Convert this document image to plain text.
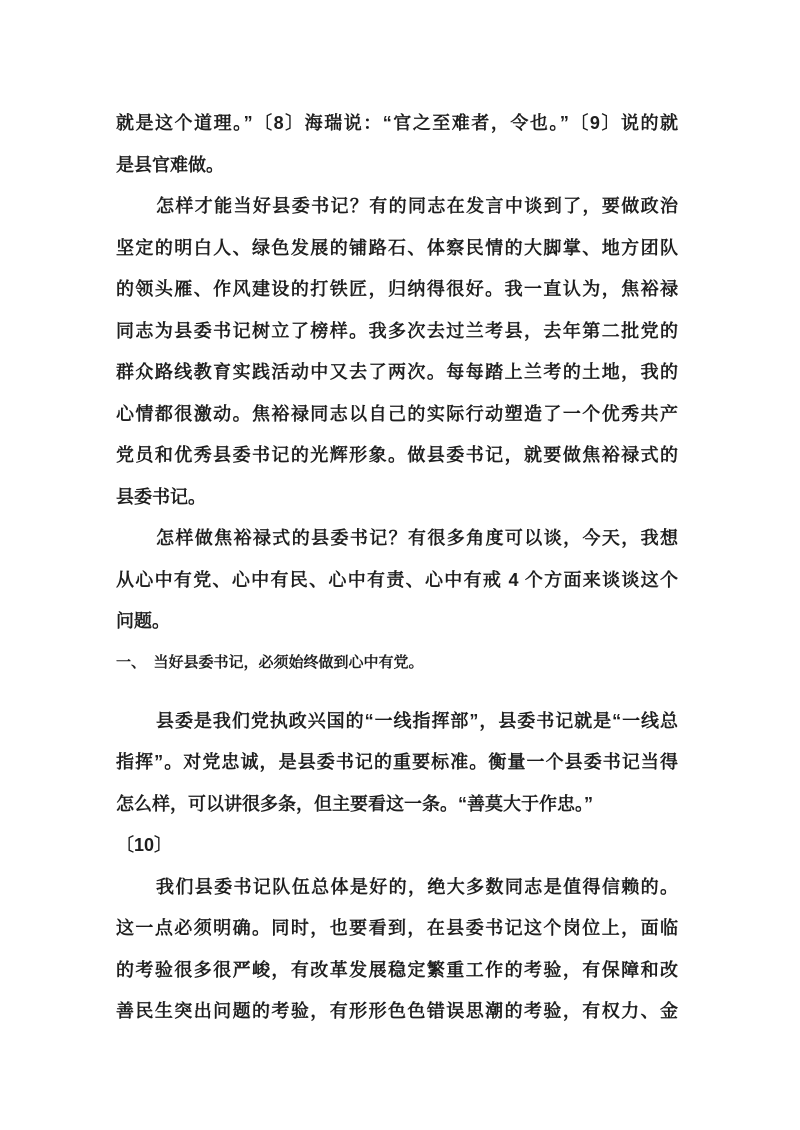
就是这个道理。”〔8〕海瑞说：“官之至难者，令也。”〔9〕说的就
是县官难做。
怎样才能当好县委书记？有的同志在发言中谈到了，要做政治
坚定的明白人、绿色发展的铺路石、体察民情的大脚掌、地方团队
的领头雁、作风建设的打铁匠，归纳得很好。我一直认为，焦裕禄
同志为县委书记树立了榜样。我多次去过兰考县，去年第二批党的
群众路线教育实践活动中又去了两次。每每踏上兰考的土地，我的
心情都很激动。焦裕禄同志以自己的实际行动塑造了一个优秀共产
党员和优秀县委书记的光辉形象。做县委书记，就要做焦裕禄式的
县委书记。
怎样做焦裕禄式的县委书记？有很多角度可以谈，今天，我想
从心中有党、心中有民、心中有责、心中有戒 4 个方面来谈谈这个
问题。
一、　当好县委书记，必须始终做到心中有党。
县委是我们党执政兴国的“一线指挥部”，县委书记就是“一线总
指挥”。对党忠诚，是县委书记的重要标准。衡量一个县委书记当得
怎么样，可以讲很多条，但主要看这一条。“善莫大于作忠。”
〔10〕
我们县委书记队伍总体是好的，绝大多数同志是值得信赖的。
这一点必须明确。同时，也要看到，在县委书记这个岗位上，面临
的考验很多很严峻，有改革发展稳定繁重工作的考验，有保障和改
善民生突出问题的考验，有形形色色错误思潮的考验，有权力、金
